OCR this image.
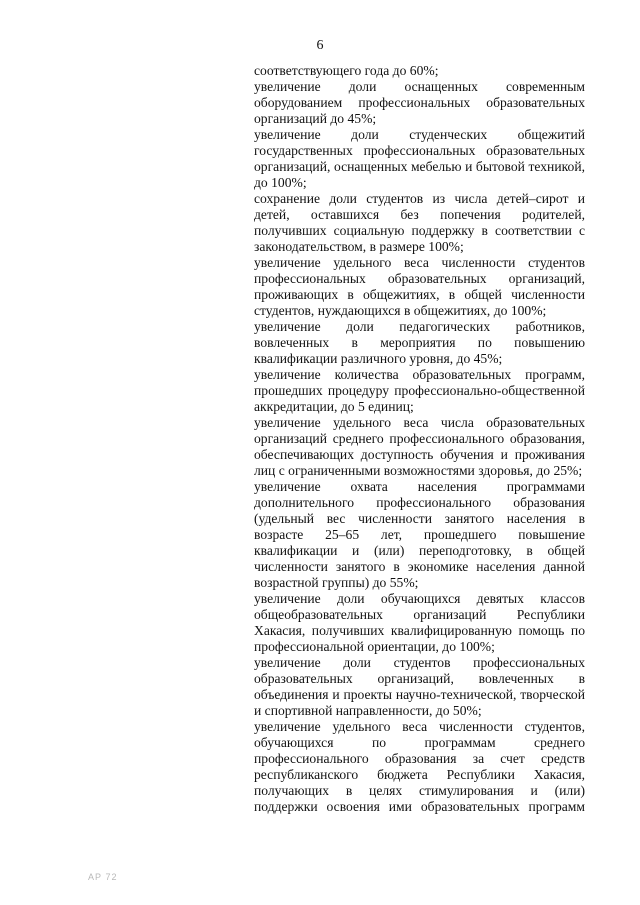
6

соответствующего года до 60%;

увеличение доли оснащенных современным оборудованием профессиональных образовательных организаций до 45%;

увеличение доли студенческих общежитий государственных профессиональных образовательных организаций, оснащенных мебелью и бытовой техникой, до 100%;

сохранение доли студентов из числа детей–сирот и детей, оставшихся без попечения родителей, получивших социальную поддержку в соответствии с законодательством, в размере 100%;

увеличение удельного веса численности студентов профессиональных образовательных организаций, проживающих в общежитиях, в общей численности студентов, нуждающихся в общежитиях, до 100%;

увеличение доли педагогических работников, вовлеченных в мероприятия по повышению квалификации различного уровня, до 45%;

увеличение количества образовательных программ, прошедших процедуру профессионально-общественной аккредитации, до 5 единиц;

увеличение удельного веса числа образовательных организаций среднего профессионального образования, обеспечивающих доступность обучения и проживания лиц с ограниченными возможностями здоровья, до 25%;

увеличение охвата населения программами дополнительного профессионального образования (удельный вес численности занятого населения в возрасте 25–65 лет, прошедшего повышение квалификации и (или) переподготовку, в общей численности занятого в экономике населения данной возрастной группы) до 55%;

увеличение доли обучающихся девятых классов общеобразовательных организаций Республики Хакасия, получивших квалифицированную помощь по профессиональной ориентации, до 100%;

увеличение доли студентов профессиональных образовательных организаций, вовлеченных в объединения и проекты научно-технической, творческой и спортивной направленности, до 50%;

увеличение удельного веса численности студентов, обучающихся по программам среднего профессионального образования за счет средств республиканского бюджета Республики Хакасия, получающих в целях стимулирования и (или) поддержки освоения ими образовательных программ

АР 72
